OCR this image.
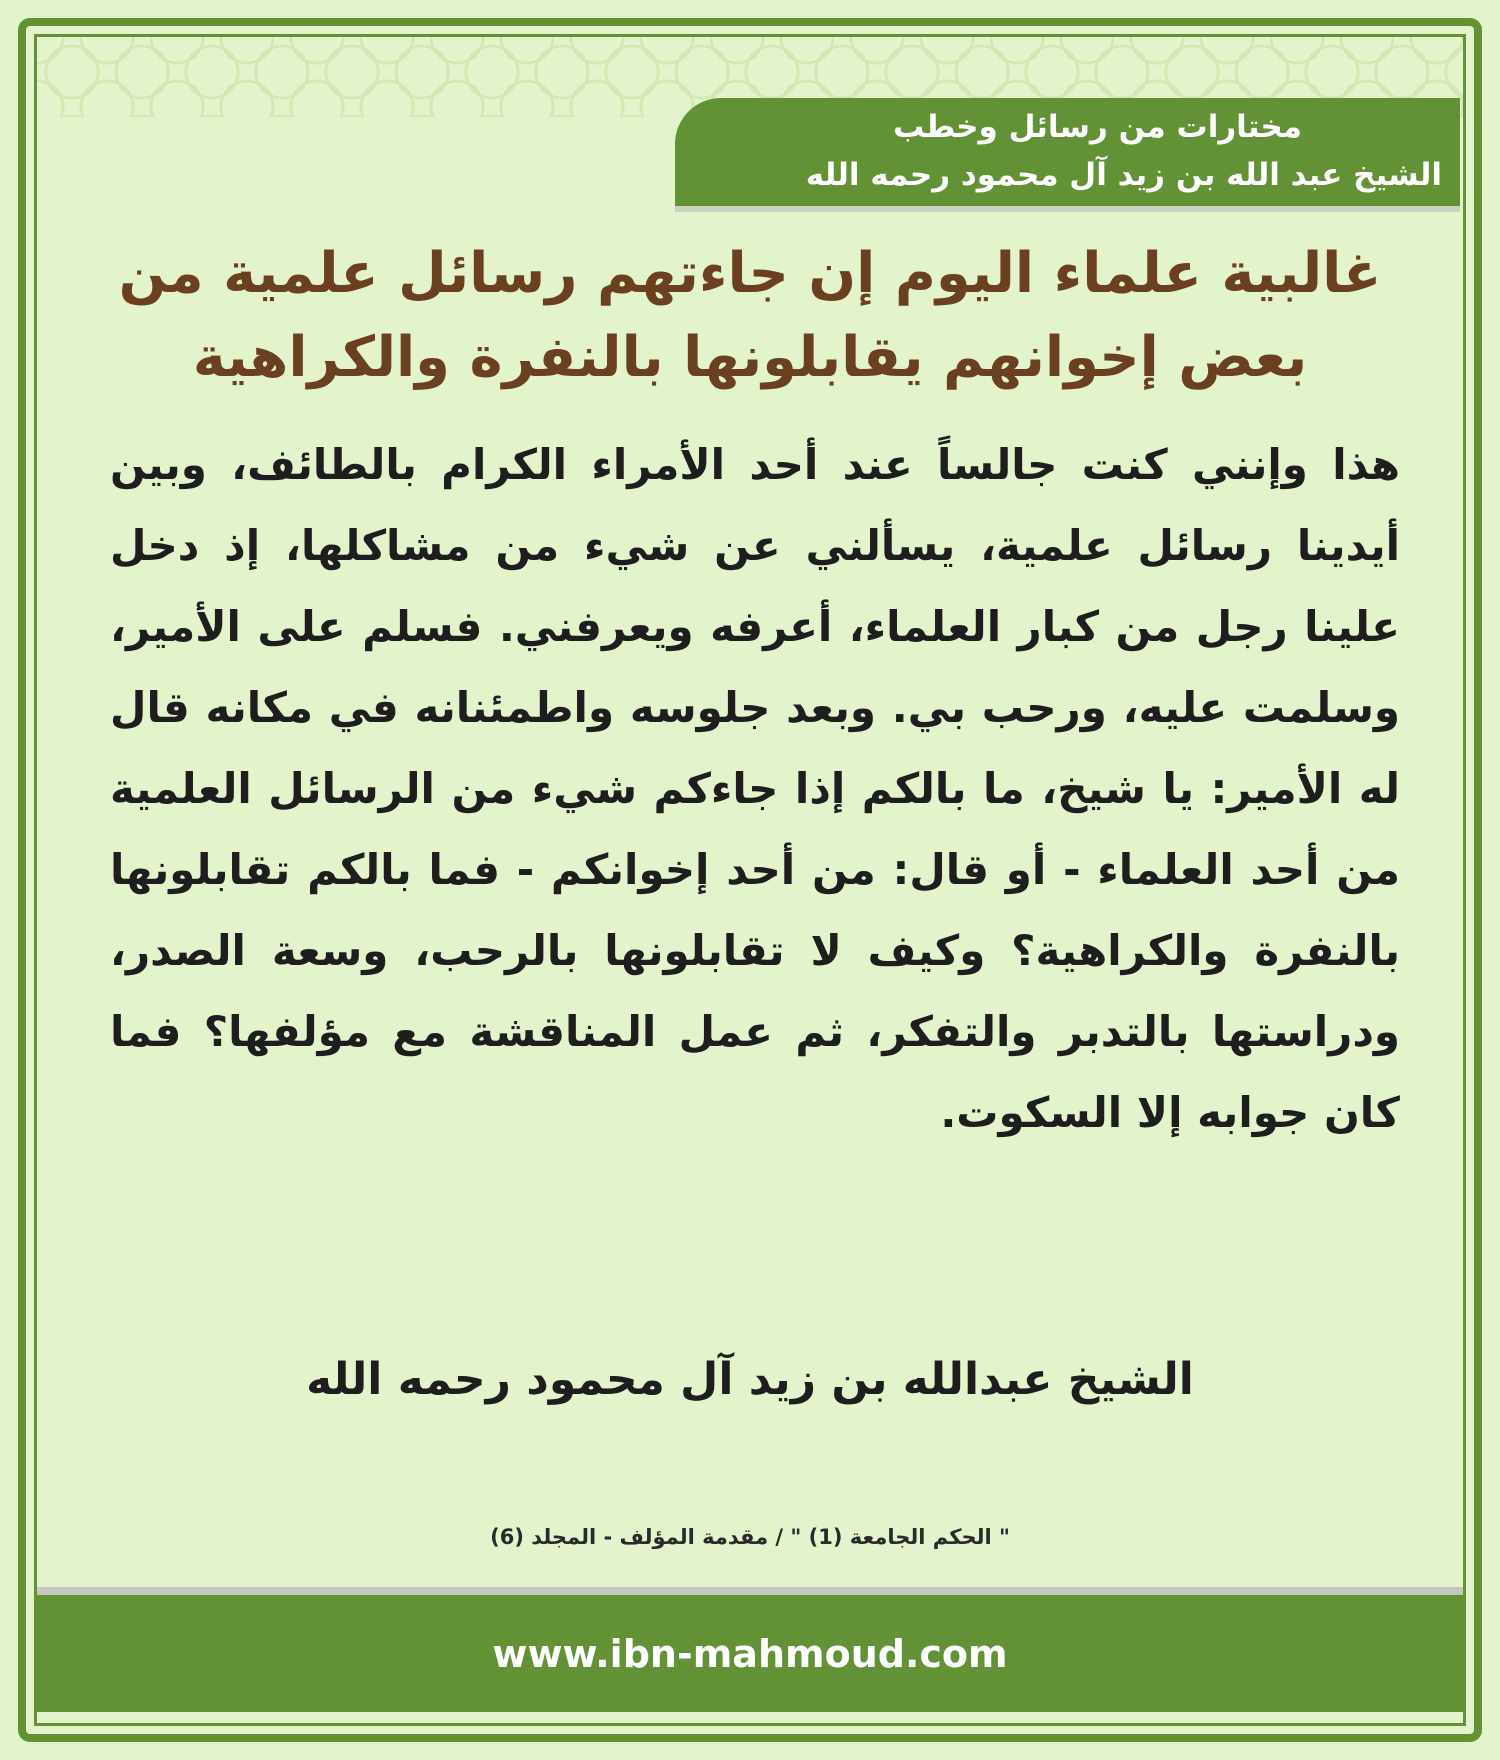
مختارات من رسائل وخطب
الشيخ عبد الله بن زيد آل محمود رحمه الله
غالبية علماء اليوم إن جاءتهم رسائل علمية من بعض إخوانهم يقابلونها بالنفرة والكراهية
هذا وإنني كنت جالساً عند أحد الأمراء الكرام بالطائف، وبين أيدينا رسائل علمية، يسألني عن شيء من مشاكلها، إذ دخل علينا رجل من كبار العلماء، أعرفه ويعرفني. فسلم على الأمير، وسلمت عليه، ورحب بي. وبعد جلوسه واطمئنانه في مكانه قال له الأمير: يا شيخ، ما بالكم إذا جاءكم شيء من الرسائل العلمية من أحد العلماء - أو قال: من أحد إخوانكم - فما بالكم تقابلونها بالنفرة والكراهية؟ وكيف لا تقابلونها بالرحب، وسعة الصدر، ودراستها بالتدبر والتفكر، ثم عمل المناقشة مع مؤلفها؟ فما كان جوابه إلا السكوت.
الشيخ عبدالله بن زيد آل محمود رحمه الله
" الحكم الجامعة (1) " / مقدمة المؤلف - المجلد (6)
www.ibn-mahmoud.com
